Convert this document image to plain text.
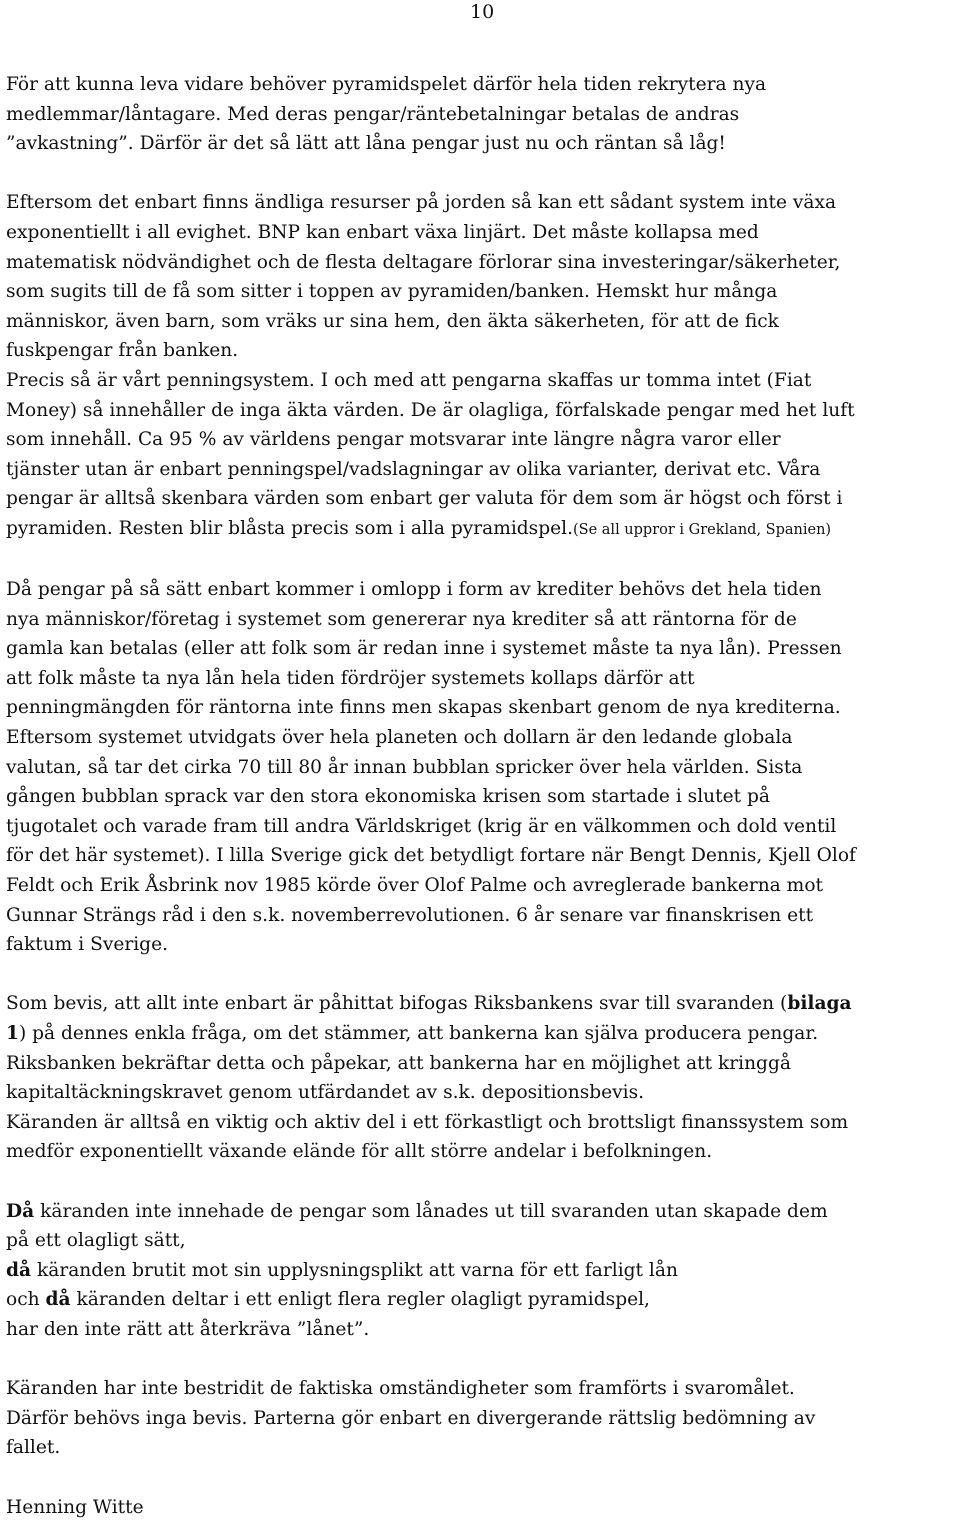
10

För att kunna leva vidare behöver pyramidspelet därför hela tiden rekrytera nya

medlemmar/låntagare. Med deras pengar/räntebetalningar betalas de andras

”avkastning”. Därför är det så lätt att låna pengar just nu och räntan så låg!

Eftersom det enbart finns ändliga resurser på jorden så kan ett sådant system inte växa

exponentiellt i all evighet. BNP kan enbart växa linjärt. Det måste kollapsa med

matematisk nödvändighet och de flesta deltagare förlorar sina investeringar/säkerheter,

som sugits till de få som sitter i toppen av pyramiden/banken. Hemskt hur många

människor, även barn, som vräks ur sina hem, den äkta säkerheten, för att de fick

fuskpengar från banken.

Precis så är vårt penningsystem. I och med att pengarna skaffas ur tomma intet (Fiat

Money) så innehåller de inga äkta värden. De är olagliga, förfalskade pengar med het luft

som innehåll. Ca 95 % av världens pengar motsvarar inte längre några varor eller

tjänster utan är enbart penningspel/vadslagningar av olika varianter, derivat etc. Våra

pengar är alltså skenbara värden som enbart ger valuta för dem som är högst och först i

pyramiden. Resten blir blåsta precis som i alla pyramidspel.(Se all uppror i Grekland, Spanien)

Då pengar på så sätt enbart kommer i omlopp i form av krediter behövs det hela tiden

nya människor/företag i systemet som genererar nya krediter så att räntorna för de

gamla kan betalas (eller att folk som är redan inne i systemet måste ta nya lån). Pressen

att folk måste ta nya lån hela tiden fördröjer systemets kollaps därför att

penningmängden för räntorna inte finns men skapas skenbart genom de nya krediterna.

Eftersom systemet utvidgats över hela planeten och dollarn är den ledande globala

valutan, så tar det cirka 70 till 80 år innan bubblan spricker över hela världen. Sista

gången bubblan sprack var den stora ekonomiska krisen som startade i slutet på

tjugotalet och varade fram till andra Världskriget (krig är en välkommen och dold ventil

för det här systemet). I lilla Sverige gick det betydligt fortare när Bengt Dennis, Kjell Olof

Feldt och Erik Åsbrink nov 1985 körde över Olof Palme och avreglerade bankerna mot

Gunnar Strängs råd i den s.k. novemberrevolutionen. 6 år senare var finanskrisen ett

faktum i Sverige.

Som bevis, att allt inte enbart är påhittat bifogas Riksbankens svar till svaranden (bilaga

1) på dennes enkla fråga, om det stämmer, att bankerna kan själva producera pengar.

Riksbanken bekräftar detta och påpekar, att bankerna har en möjlighet att kringgå

kapitaltäckningskravet genom utfärdandet av s.k. depositionsbevis.

Käranden är alltså en viktig och aktiv del i ett förkastligt och brottsligt finanssystem som

medför exponentiellt växande elände för allt större andelar i befolkningen.

Då käranden inte innehade de pengar som lånades ut till svaranden utan skapade dem

på ett olagligt sätt,

då käranden brutit mot sin upplysningsplikt att varna för ett farligt lån

och då käranden deltar i ett enligt flera regler olagligt pyramidspel,

har den inte rätt att återkräva ”lånet”.

Käranden har inte bestridit de faktiska omständigheter som framförts i svaromålet.

Därför behövs inga bevis. Parterna gör enbart en divergerande rättslig bedömning av

fallet.

Henning Witte
